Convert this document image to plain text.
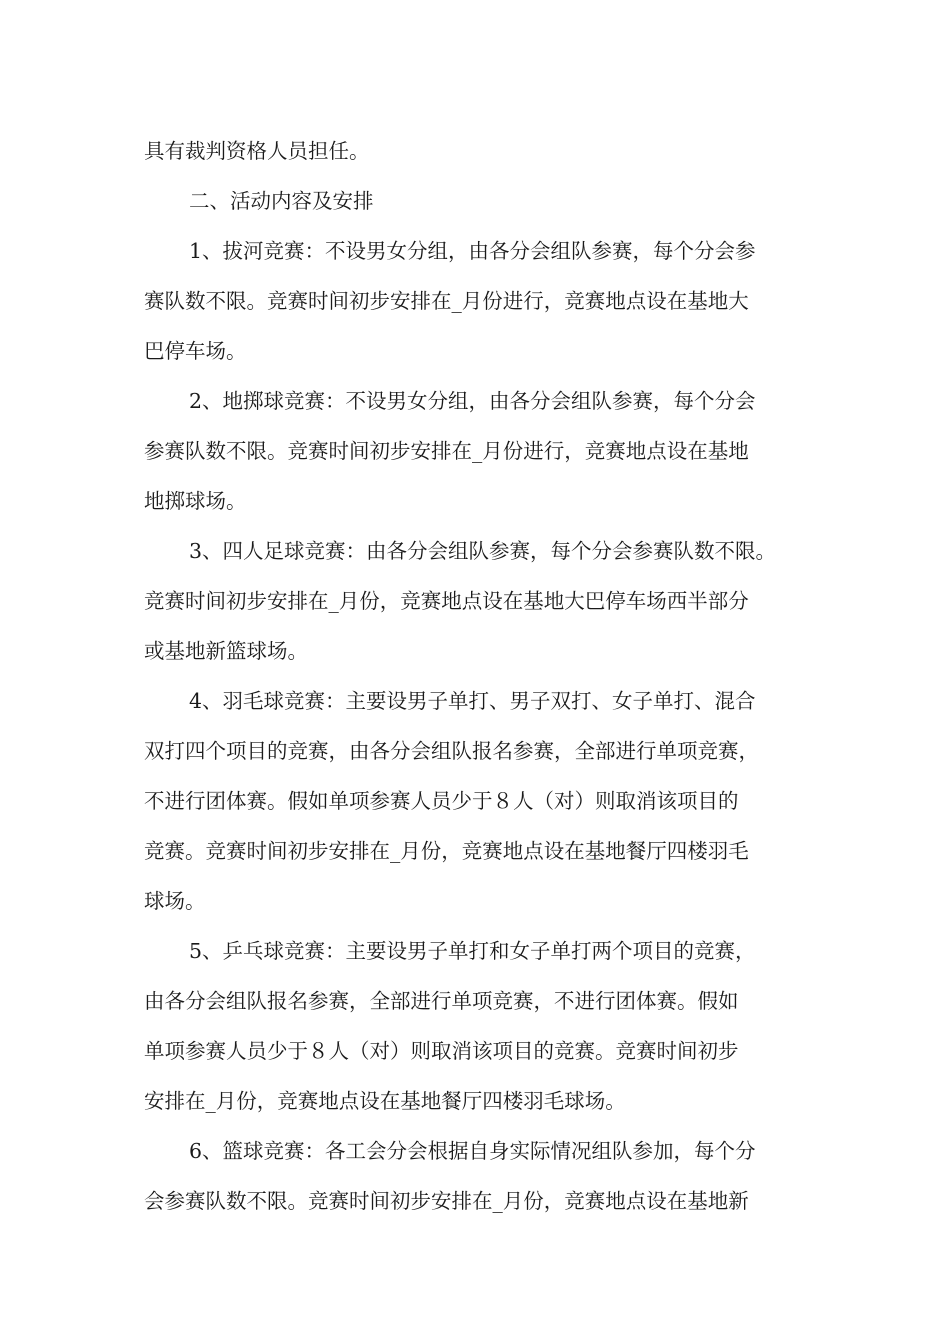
具有裁判资格人员担任。
二、活动内容及安排
1、拔河竞赛：不设男女分组，由各分会组队参赛，每个分会参
赛队数不限。竞赛时间初步安排在_月份进行，竞赛地点设在基地大
巴停车场。
2、地掷球竞赛：不设男女分组，由各分会组队参赛，每个分会
参赛队数不限。竞赛时间初步安排在_月份进行，竞赛地点设在基地
地掷球场。
3、四人足球竞赛：由各分会组队参赛，每个分会参赛队数不限。
竞赛时间初步安排在_月份，竞赛地点设在基地大巴停车场西半部分
或基地新篮球场。
4、羽毛球竞赛：主要设男子单打、男子双打、女子单打、混合
双打四个项目的竞赛，由各分会组队报名参赛，全部进行单项竞赛，
不进行团体赛。假如单项参赛人员少于８人（对）则取消该项目的
竞赛。竞赛时间初步安排在_月份，竞赛地点设在基地餐厅四楼羽毛
球场。
5、乒乓球竞赛：主要设男子单打和女子单打两个项目的竞赛，
由各分会组队报名参赛，全部进行单项竞赛，不进行团体赛。假如
单项参赛人员少于８人（对）则取消该项目的竞赛。竞赛时间初步
安排在_月份，竞赛地点设在基地餐厅四楼羽毛球场。
6、篮球竞赛：各工会分会根据自身实际情况组队参加，每个分
会参赛队数不限。竞赛时间初步安排在_月份，竞赛地点设在基地新
